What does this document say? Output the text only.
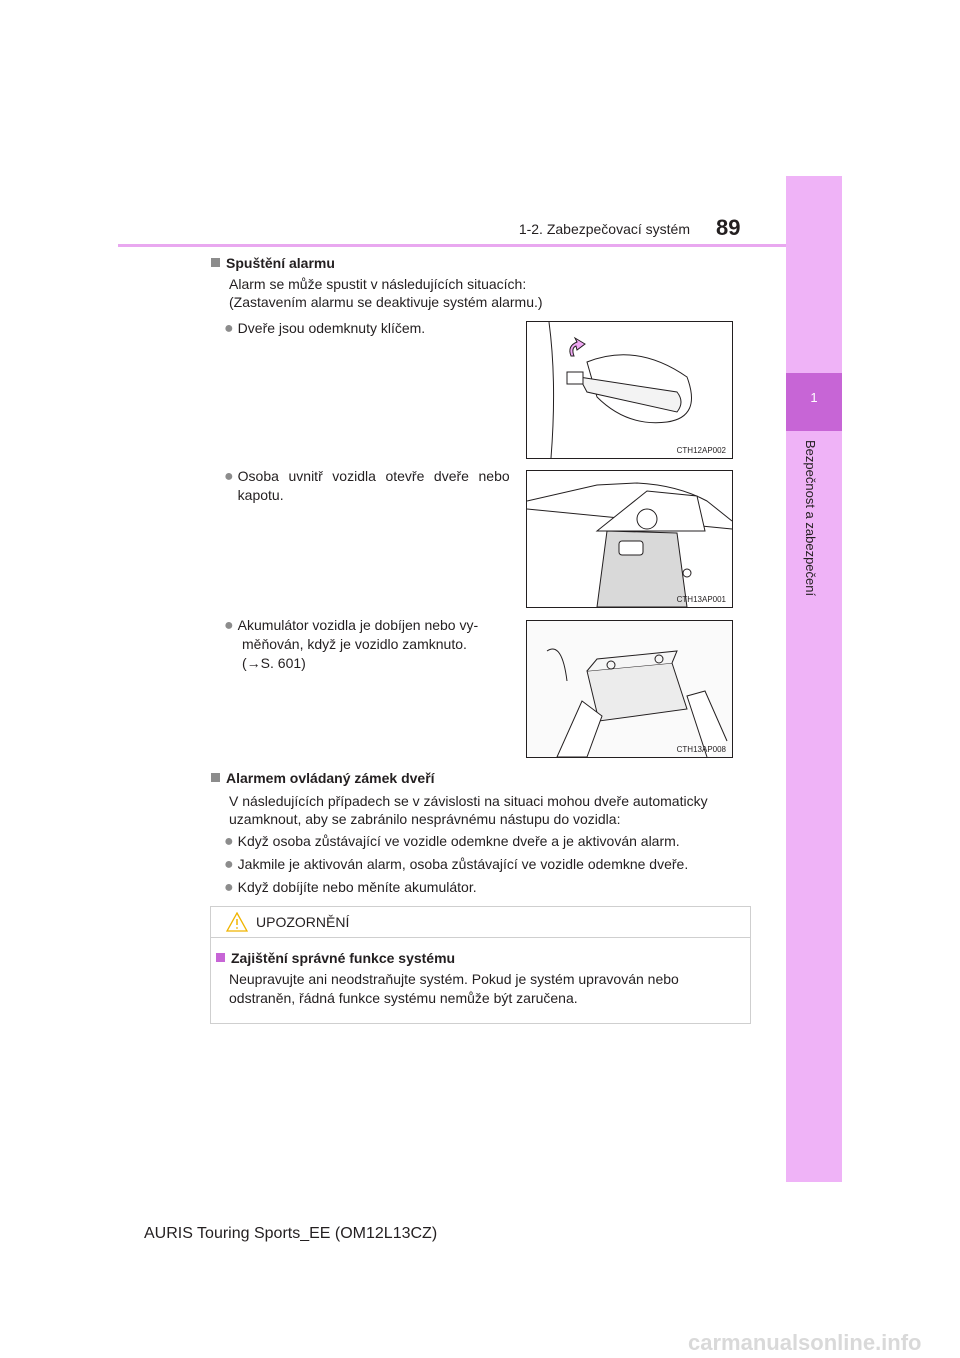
1
Bezpečnost a zabezpečení
1-2. Zabezpečovací systém 89
Spuštění alarmu
Alarm se může spustit v následujících situacích:
(Zastavením alarmu se deaktivuje systém alarmu.)
● Dveře jsou odemknuty klíčem.
● Osoba uvnitř vozidla otevře dveře nebo kapotu.
● Akumulátor vozidla je dobíjen nebo vy-
měňován, když je vozidlo zamknuto.
(→S. 601)
CTH12AP002
CTH13AP001
CTH13AP008
Alarmem ovládaný zámek dveří
V následujících případech se v závislosti na situaci mohou dveře automaticky
uzamknout, aby se zabránilo nesprávnému nástupu do vozidla:
● Když osoba zůstávající ve vozidle odemkne dveře a je aktivován alarm.
● Jakmile je aktivován alarm, osoba zůstávající ve vozidle odemkne dveře.
● Když dobíjíte nebo měníte akumulátor.
UPOZORNĚNÍ
Zajištění správné funkce systému
Neupravujte ani neodstraňujte systém. Pokud je systém upravován nebo
odstraněn, řádná funkce systému nemůže být zaručena.
AURIS Touring Sports_EE (OM12L13CZ)
carmanualsonline.info
